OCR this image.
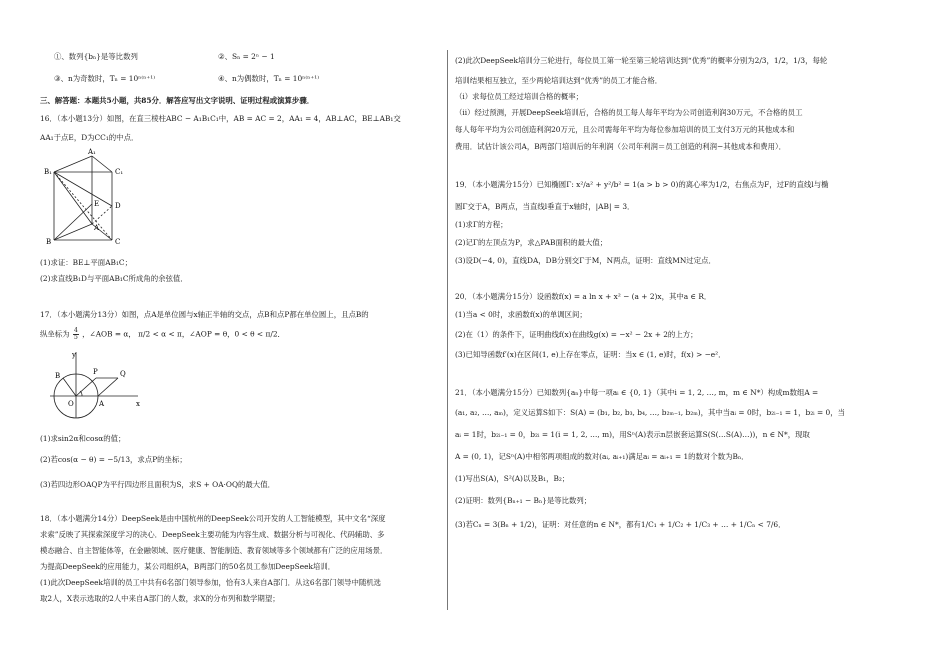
①、数列{bₙ}是等比数列	②、Sₙ = 2ⁿ − 1
③、n为奇数时，Tₙ = 10ⁿ⁽ⁿ⁺¹⁾	④、n为偶数时，Tₙ = 10ⁿ⁽ⁿ⁺¹⁾
三、解答题：本题共5小题，共85分．解答应写出文字说明、证明过程或演算步骤．
16．（本小题13分）如图，在直三棱柱ABC − A₁B₁C₁中，AB = AC = 2，AA₁ = 4，AB⊥AC，BE⊥AB₁交
AA₁于点E，D为CC₁的中点．
A₁
B₁	C₁
E D
A
B	C
(1)求证：BE⊥平面AB₁C；
(2)求直线B₁D与平面AB₁C所成角的余弦值．
17．（本小题满分13分）如图，点A是单位圆与x轴正半轴的交点，点B和点P都在单位圆上，且点B的
纵坐标为 $\frac{4}{5}$ ，∠AOB = α， π/2 < α < π，∠AOP = θ，0 < θ < π/2．
y
B	P	Q
O	A	x
(1)求sin2α和cosα的值；
(2)若cos(α − θ) = −5/13，求点P的坐标；
(3)若四边形OAQP为平行四边形且面积为S，求S + OA·OQ的最大值．
18．（本小题满分14分）DeepSeek是由中国杭州的DeepSeek公司开发的人工智能模型，其中文名“深度
求索”反映了其探索深度学习的决心．DeepSeek主要功能为内容生成、数据分析与可视化、代码辅助、多
模态融合、自主智能体等，在金融领域、医疗健康、智能制造、教育领域等多个领域都有广泛的应用场景．
为提高DeepSeek的应用能力，某公司组织A，B两部门的50名员工参加DeepSeek培训．
(1)此次DeepSeek培训的员工中共有6名部门领导参加，恰有3人来自A部门．从这6名部门领导中随机选
取2人，X表示选取的2人中来自A部门的人数，求X的分布列和数学期望；
(2)此次DeepSeek培训分三轮进行，每位员工第一轮至第三轮培训达到“优秀”的概率分别为2/3，1/2，1/3，每轮
培训结果相互独立，至少两轮培训达到“优秀”的员工才能合格．
（ⅰ）求每位员工经过培训合格的概率；
（ⅱ）经过预测，开展DeepSeek培训后，合格的员工每人每年平均为公司创造利润30万元，不合格的员工
每人每年平均为公司创造利润20万元，且公司需每年平均为每位参加培训的员工支付3万元的其他成本和
费用．试估计该公司A，B两部门培训后的年利润（公司年利润＝员工创造的利润−其他成本和费用）．
19．（本小题满分15分）已知椭圆Γ: x²/a² + y²/b² = 1(a > b > 0)的离心率为1/2，右焦点为F，过F的直线l与椭
圆Γ交于A，B两点，当直线l垂直于x轴时，|AB| = 3．
(1)求Γ的方程；
(2)记Γ的左顶点为P，求△PAB面积的最大值；
(3)设D(−4, 0)，直线DA，DB分别交Γ于M，N两点，证明：直线MN过定点．
20．（本小题满分15分）设函数f(x) = a ln x + x² − (a + 2)x，其中a ∈ R．
(1)当a < 0时，求函数f(x)的单调区间；
(2)在（1）的条件下，证明曲线f(x)在曲线g(x) = −x² − 2x + 2的上方；
(3)已知导函数f′(x)在区间(1, e)上存在零点，证明：当x ∈ (1, e)时，f(x) > −e²．
21．（本小题满分15分）已知数列{aₙ}中每一项aᵢ ∈ {0, 1}（其中i = 1, 2, …, m，m ∈ N*）构成m数组A =
(a₁, a₂, …, aₘ)，定义运算S如下：S(A) = (b₁, b₂, b₃, b₄, …, b₂ₘ₋₁, b₂ₘ)，其中当aᵢ = 0时，b₂ᵢ₋₁ = 1，b₂ᵢ = 0，当
aᵢ = 1时，b₂ᵢ₋₁ = 0，b₂ᵢ = 1(i = 1, 2, …, m)，用Sⁿ(A)表示n层嵌套运算S(S(…S(A)…))，n ∈ N*，现取
A = (0, 1)，记Sⁿ(A)中相邻两项组成的数对(aᵢ, aᵢ₊₁)满足aᵢ = aᵢ₊₁ = 1的数对个数为Bₙ．
(1)写出S(A)，S²(A)以及B₁，B₂；
(2)证明：数列{Bₙ₊₁ − Bₙ}是等比数列；
(3)若Cₙ = 3(Bₙ + 1/2)，证明：对任意的n ∈ N*，都有1/C₁ + 1/C₂ + 1/C₃ + … + 1/Cₙ < 7/6．
